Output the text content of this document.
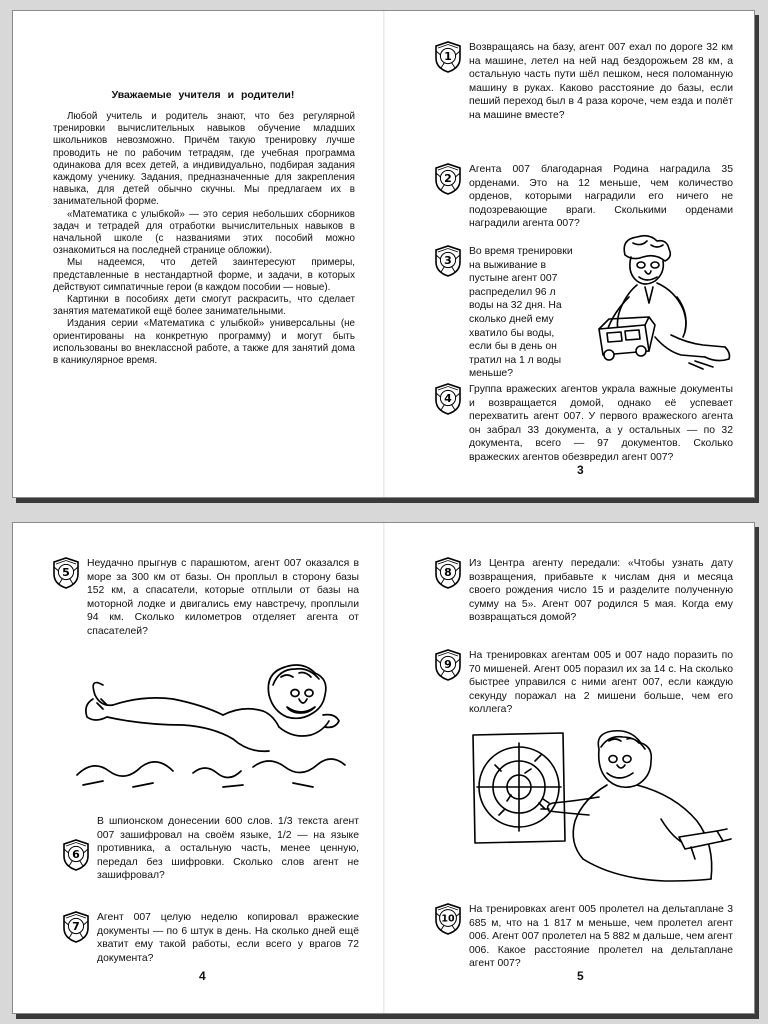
Уважаемые учителя и родители!

Любой учитель и родитель знают, что без регулярной тренировки вычислительных навыков обучение младших школьников невозможно. Причём такую тренировку лучше проводить не по рабочим тетрадям, где учебная программа одинакова для всех детей, а индивидуально, подбирая задания каждому ученику. Задания, предназначенные для закрепления навыка, для детей обычно скучны. Мы предлагаем их в занимательной форме.

«Математика с улыбкой» — это серия небольших сборников задач и тетрадей для отработки вычислительных навыков в начальной школе (с названиями этих пособий можно ознакомиться на последней странице обложки).

Мы надеемся, что детей заинтересуют примеры, представленные в нестандартной форме, и задачи, в которых действуют симпатичные герои (в каждом пособии — новые).

Картинки в пособиях дети смогут раскрасить, что сделает занятия математикой ещё более занимательными.

Издания серии «Математика с улыбкой» универсальны (не ориентированы на конкретную программу) и могут быть использованы во внеклассной работе, а также для занятий дома в каникулярное время.

1

Возвращаясь на базу, агент 007 ехал по дороге 32 км на машине, летел на ней над бездорожьем 28 км, а остальную часть пути шёл пешком, неся поломанную машину в руках. Каково расстояние до базы, если пеший переход был в 4 раза короче, чем езда и полёт на машине вместе?

2

Агента 007 благодарная Родина наградила 35 орденами. Это на 12 меньше, чем количество орденов, которыми наградили его ничего не подозревающие враги. Сколькими орденами наградили агента 007?

3

Во время тренировки на выживание в пустыне агент 007 распределил 96 л воды на 32 дня. На сколько дней ему хватило бы воды, если бы в день он тратил на 1 л воды меньше?

4

Группа вражеских агентов украла важные документы и возвращается домой, однако её успевает перехватить агент 007. У первого вражеского агента он забрал 33 документа, а у остальных — по 32 документа, всего — 97 документов. Сколько вражеских агентов обезвредил агент 007?

3
5

Неудачно прыгнув с парашютом, агент 007 оказался в море за 300 км от базы. Он проплыл в сторону базы 152 км, а спасатели, которые отплыли от базы на моторной лодке и двигались ему навстречу, проплыли 94 км. Сколько километров отделяет агента от спасателей?

6

В шпионском донесении 600 слов. 1/3 текста агент 007 зашифровал на своём языке, 1/2 — на языке противника, а остальную часть, менее ценную, передал без шифровки. Сколько слов агент не зашифровал?

7

Агент 007 целую неделю копировал вражеские документы — по 6 штук в день. На сколько дней ещё хватит ему такой работы, если всего у врагов 72 документа?

4
8

Из Центра агенту передали: «Чтобы узнать дату возвращения, прибавьте к числам дня и месяца своего рождения число 15 и разделите полученную сумму на 5». Агент 007 родился 5 мая. Когда ему возвращаться домой?

9

На тренировках агентам 005 и 007 надо поразить по 70 мишеней. Агент 005 поразил их за 14 с. На сколько быстрее управился с ними агент 007, если каждую секунду поражал на 2 мишени больше, чем его коллега?

10

На тренировках агент 005 пролетел на дельтаплане 3 685 м, что на 1 817 м меньше, чем пролетел агент 006. Агент 007 пролетел на 5 882 м дальше, чем агент 006. Какое расстояние пролетел на дельтаплане агент 007?

5
